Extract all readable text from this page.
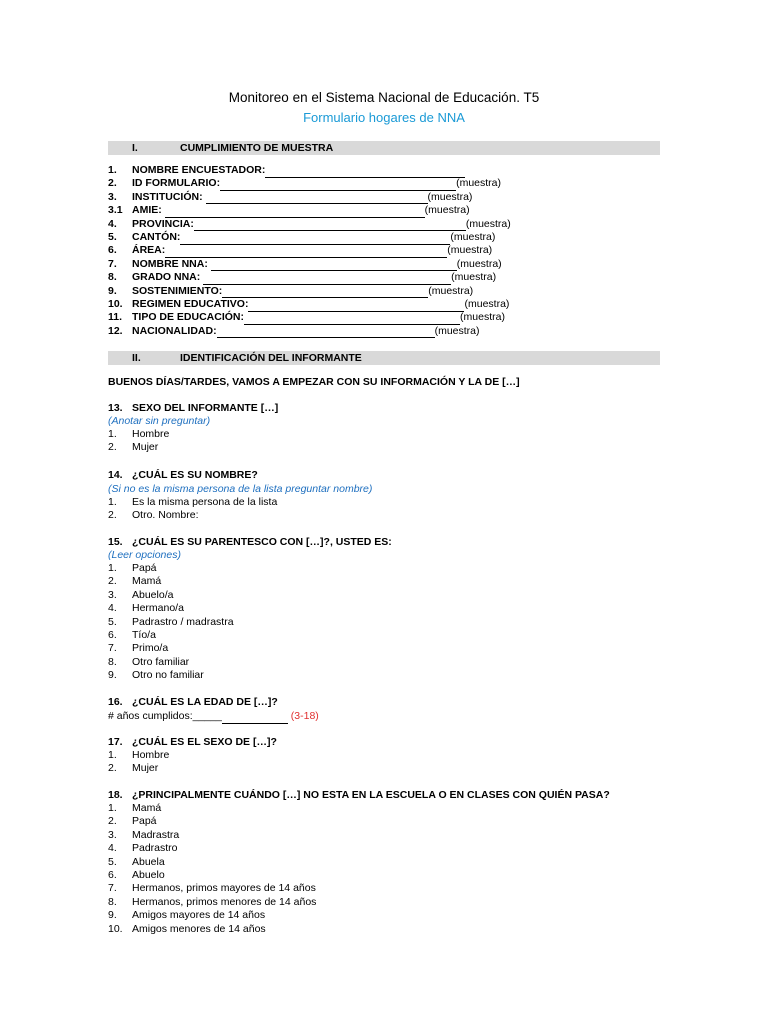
Monitoreo en el Sistema Nacional de Educación. T5
Formulario hogares de NNA
I.	CUMPLIMIENTO DE MUESTRA
1. NOMBRE ENCUESTADOR:
2. ID FORMULARIO:	(muestra)
3. INSTITUCIÓN:	(muestra)
3.1 AMIE:	(muestra)
4. PROVINCIA:	(muestra)
5. CANTÓN:	(muestra)
6. ÁREA:	(muestra)
7. NOMBRE NNA:	(muestra)
8. GRADO NNA:	(muestra)
9. SOSTENIMIENTO:	(muestra)
10. REGIMEN EDUCATIVO:	(muestra)
11. TIPO DE EDUCACIÓN:	(muestra)
12. NACIONALIDAD:	(muestra)
II.	IDENTIFICACIÓN DEL INFORMANTE
BUENOS DÍAS/TARDES, VAMOS A EMPEZAR CON SU INFORMACIÓN Y LA DE […]
13. SEXO DEL INFORMANTE […]
(Anotar sin preguntar)
1. Hombre
2. Mujer
14. ¿CUÁL ES SU NOMBRE?
(Si no es la misma persona de la lista preguntar nombre)
1. Es la misma persona de la lista
2. Otro. Nombre:
15. ¿CUÁL ES SU PARENTESCO CON […]?, USTED ES:
(Leer opciones)
1. Papá
2. Mamá
3. Abuelo/a
4. Hermano/a
5. Padrastro / madrastra
6. Tío/a
7. Primo/a
8. Otro familiar
9. Otro no familiar
16. ¿CUÁL ES LA EDAD DE […]?
# años cumplidos:_____	(3-18)
17. ¿CUÁL ES EL SEXO DE […]?
1. Hombre
2. Mujer
18. ¿PRINCIPALMENTE CUÁNDO […] NO ESTA EN LA ESCUELA O EN CLASES CON QUIÉN PASA?
1. Mamá
2. Papá
3. Madrastra
4. Padrastro
5. Abuela
6. Abuelo
7. Hermanos, primos mayores de 14 años
8. Hermanos, primos menores de 14 años
9. Amigos mayores de 14 años
10. Amigos menores de 14 años
